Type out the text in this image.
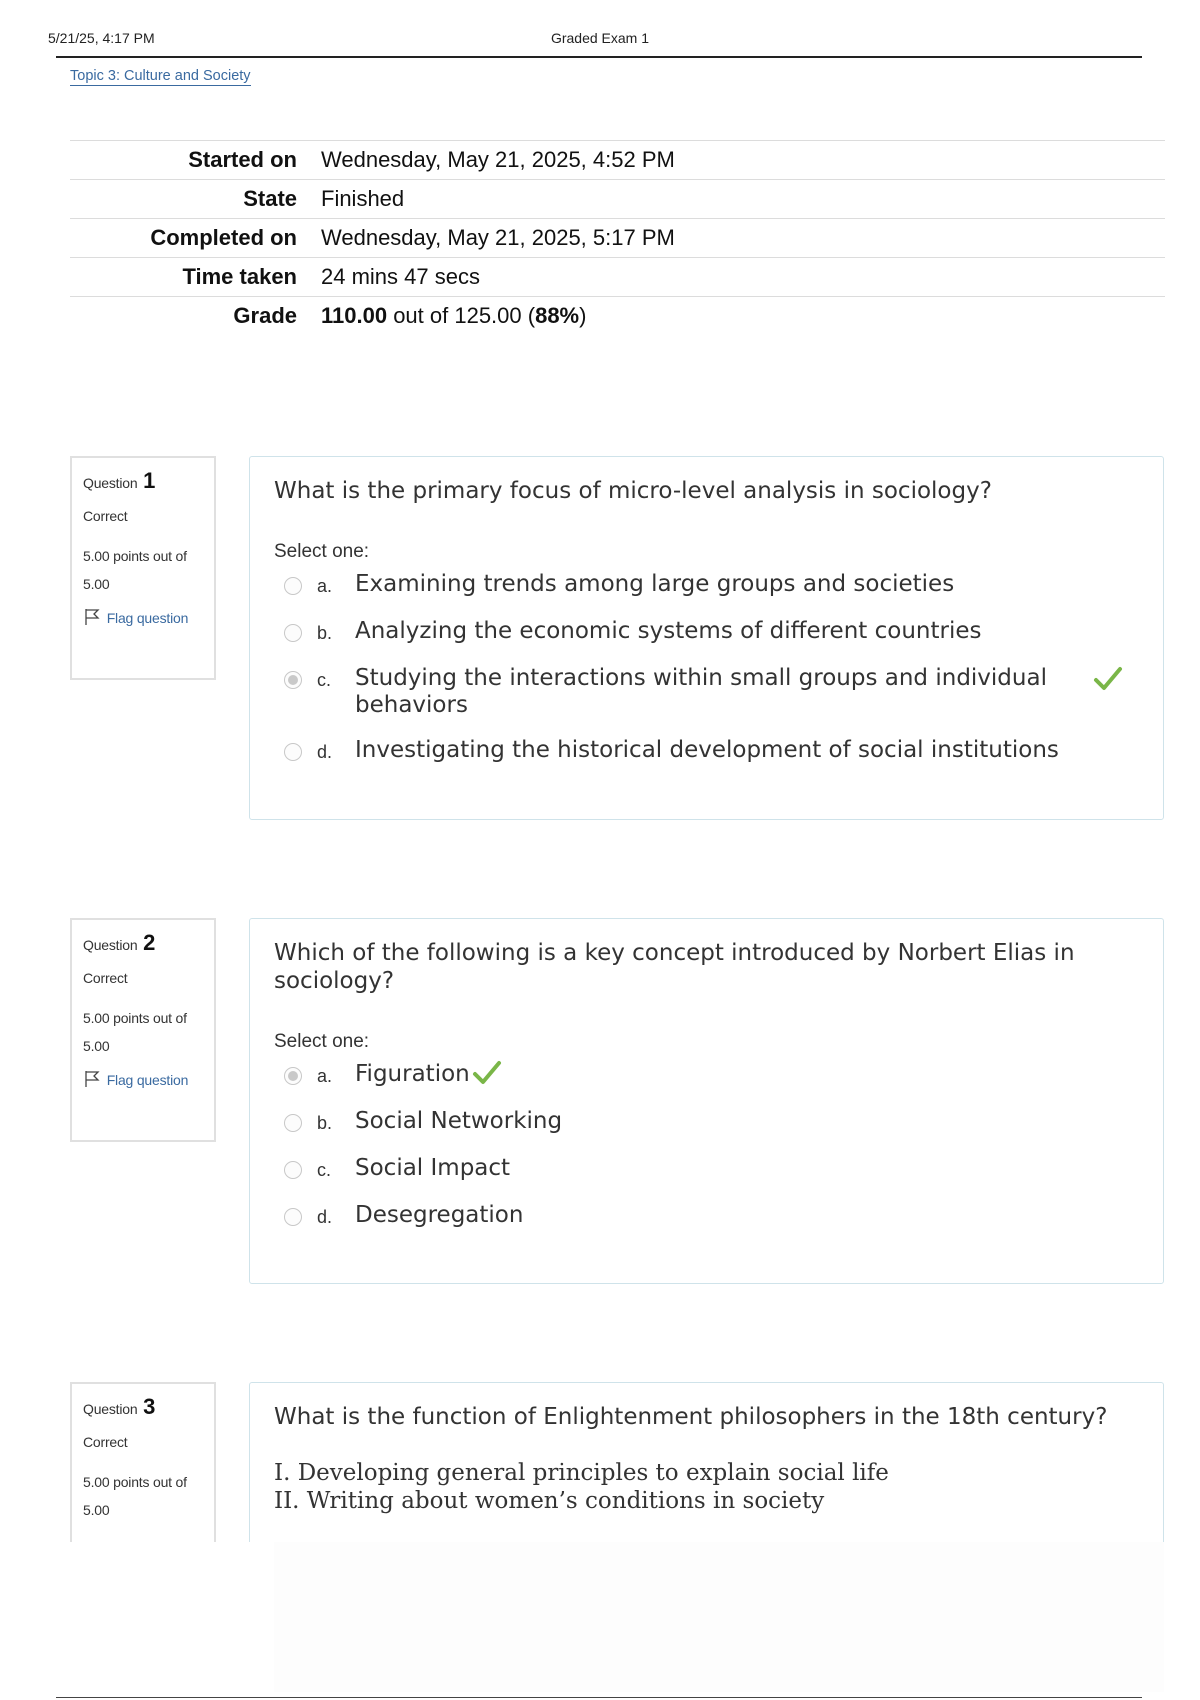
5/21/25, 4:17 PM	Graded Exam 1
Topic 3: Culture and Society
Started on	Wednesday, May 21, 2025, 4:52 PM
State	Finished
Completed on	Wednesday, May 21, 2025, 5:17 PM
Time taken	24 mins 47 secs
Grade	110.00 out of 125.00 (88%)
Question 1
Correct
5.00 points out of 5.00
Flag question
What is the primary focus of micro-level analysis in sociology?
Select one:
a. Examining trends among large groups and societies
b. Analyzing the economic systems of different countries
c.	Studying the interactions within small groups and individual behaviors
d. Investigating the historical development of social institutions
Question 2
Correct
5.00 points out of 5.00
Flag question
Which of the following is a key concept introduced by Norbert Elias in sociology?
Select one:
a. Figuration
b. Social Networking
c.	Social Impact
d. Desegregation
Question 3
Correct
5.00 points out of 5.00
What is the function of Enlightenment philosophers in the 18th century?
I. Developing general principles to explain social life
II. Writing about women’s conditions in society
